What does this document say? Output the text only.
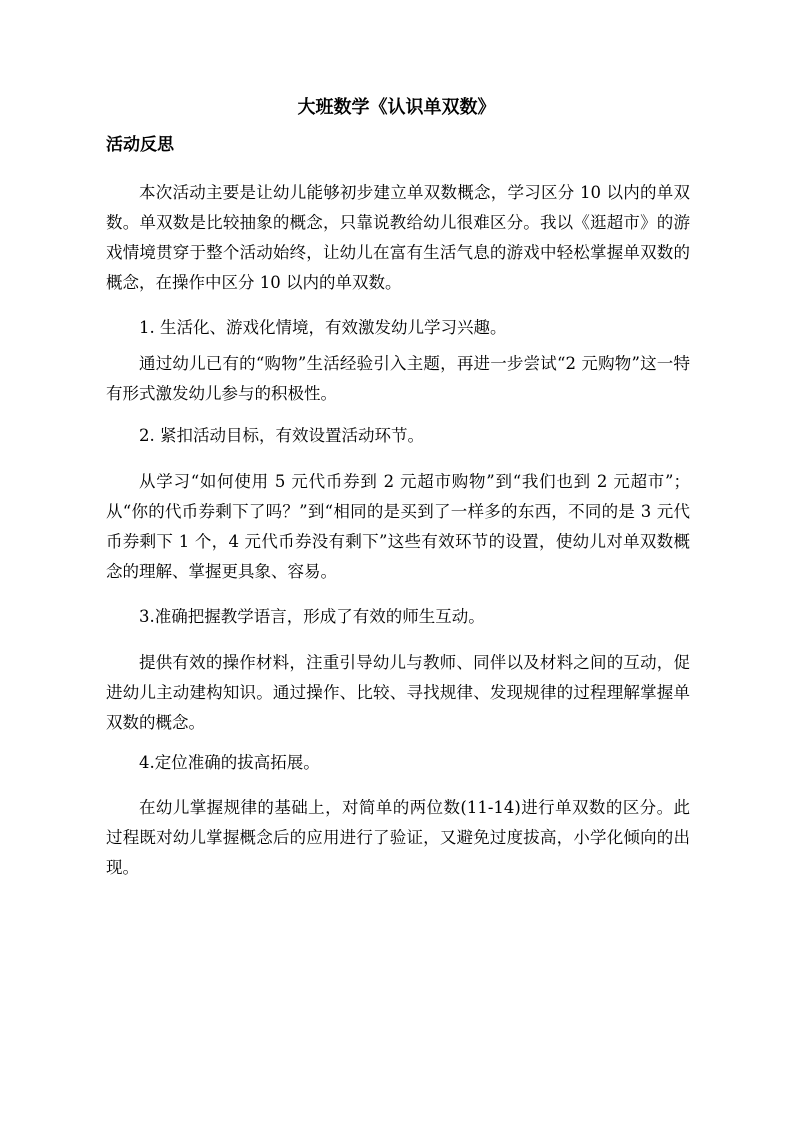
大班数学《认识单双数》
活动反思

本次活动主要是让幼儿能够初步建立单双数概念，学习区分 10 以内的单双数。单双数是比较抽象的概念，只靠说教给幼儿很难区分。我以《逛超市》的游戏情境贯穿于整个活动始终，让幼儿在富有生活气息的游戏中轻松掌握单双数的概念，在操作中区分 10 以内的单双数。

1. 生活化、游戏化情境，有效激发幼儿学习兴趣。

通过幼儿已有的“购物”生活经验引入主题，再进一步尝试“2 元购物”这一特有形式激发幼儿参与的积极性。

2. 紧扣活动目标，有效设置活动环节。

从学习“如何使用 5 元代币券到 2 元超市购物”到“我们也到 2 元超市”；从“你的代币券剩下了吗？”到“相同的是买到了一样多的东西，不同的是 3 元代币券剩下 1 个，4 元代币券没有剩下”这些有效环节的设置，使幼儿对单双数概念的理解、掌握更具象、容易。

3.准确把握教学语言，形成了有效的师生互动。

提供有效的操作材料，注重引导幼儿与教师、同伴以及材料之间的互动，促进幼儿主动建构知识。通过操作、比较、寻找规律、发现规律的过程理解掌握单双数的概念。

4.定位准确的拔高拓展。

在幼儿掌握规律的基础上，对简单的两位数(11-14)进行单双数的区分。此过程既对幼儿掌握概念后的应用进行了验证，又避免过度拔高，小学化倾向的出现。
